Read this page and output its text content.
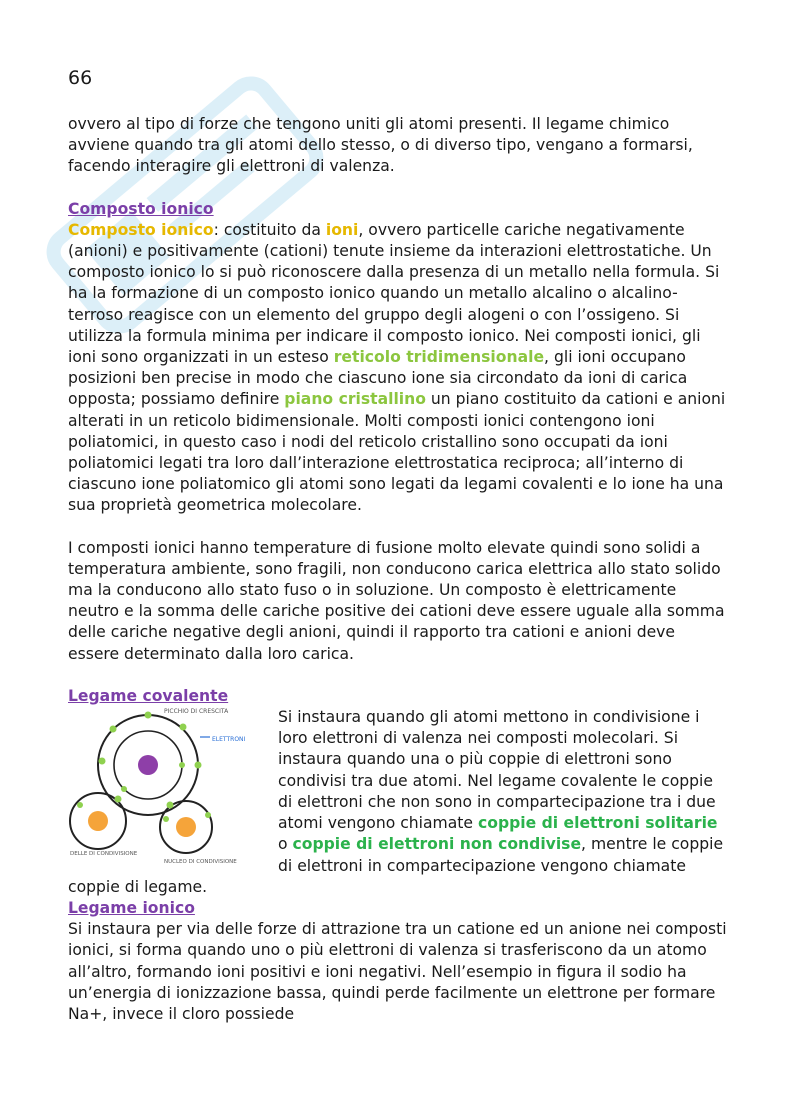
66

ovvero al tipo di forze che tengono uniti gli atomi presenti. Il legame chimico avviene quando tra gli atomi dello stesso, o di diverso tipo, vengano a formarsi, facendo interagire gli elettroni di valenza.

Composto ionico

Composto ionico: costituito da ioni, ovvero particelle cariche negativamente (anioni) e positivamente (cationi) tenute insieme da interazioni elettrostatiche. Un composto ionico lo si può riconoscere dalla presenza di un metallo nella formula. Si ha la formazione di un composto ionico quando un metallo alcalino o alcalino-terroso reagisce con un elemento del gruppo degli alogeni o con l’ossigeno. Si utilizza la formula minima per indicare il composto ionico. Nei composti ionici, gli ioni sono organizzati in un esteso reticolo tridimensionale, gli ioni occupano posizioni ben precise in modo che ciascuno ione sia circondato da ioni di carica opposta; possiamo definire piano cristallino un piano costituito da cationi e anioni alterati in un reticolo bidimensionale. Molti composti ionici contengono ioni poliatomici, in questo caso i nodi del reticolo cristallino sono occupati da ioni poliatomici legati tra loro dall’interazione elettrostatica reciproca; all’interno di ciascuno ione poliatomico gli atomi sono legati da legami covalenti e lo ione ha una sua proprietà geometrica molecolare.

I composti ionici hanno temperature di fusione molto elevate quindi sono solidi a temperatura ambiente, sono fragili, non conducono carica elettrica allo stato solido ma la conducono allo stato fuso o in soluzione. Un composto è elettricamente neutro e la somma delle cariche positive dei cationi deve essere uguale alla somma delle cariche negative degli anioni, quindi il rapporto tra cationi e anioni deve essere determinato dalla loro carica.

Legame covalente

PICCHIO DI CRESCITA
ELETTRONI
DELLE DI CONDIVISIONE
NUCLEO DI CONDIVISIONE

Si instaura quando gli atomi mettono in condivisione i loro elettroni di valenza nei composti molecolari. Si instaura quando una o più coppie di elettroni sono condivisi tra due atomi. Nel legame covalente le coppie di elettroni che non sono in compartecipazione tra i due atomi vengono chiamate coppie di elettroni solitarie o coppie di elettroni non condivise, mentre le coppie di elettroni in compartecipazione vengono chiamate coppie di legame.

Legame ionico

Si instaura per via delle forze di attrazione tra un catione ed un anione nei composti ionici, si forma quando uno o più elettroni di valenza si trasferiscono da un atomo all’altro, formando ioni positivi e ioni negativi. Nell’esempio in figura il sodio ha un’energia di ionizzazione bassa, quindi perde facilmente un elettrone per formare Na+, invece il cloro possiede
